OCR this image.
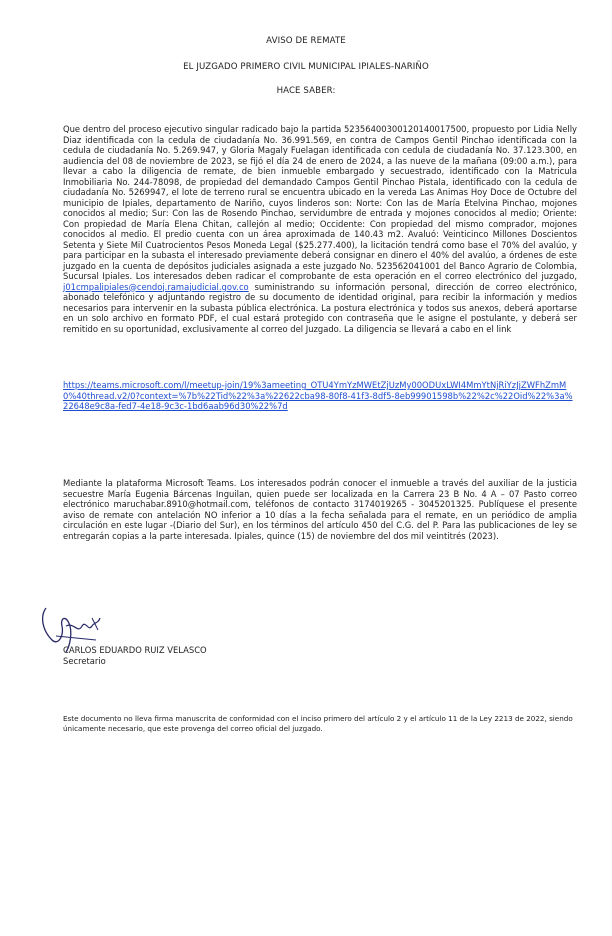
AVISO DE REMATE
EL JUZGADO PRIMERO CIVIL MUNICIPAL IPIALES-NARIÑO
HACE SABER:

Que dentro del proceso ejecutivo singular radicado bajo la partida 52356400300120140017500, propuesto por Lidia Nelly Diaz identificada con la cedula de ciudadanía No. 36.991.569, en contra de Campos Gentil Pinchao identificada con la cedula de ciudadanía No. 5.269.947, y Gloria Magaly Fuelagan identificada con cedula de ciudadanía No. 37.123.300, en audiencia del 08 de noviembre de 2023, se fijó el día 24 de enero de 2024, a las nueve de la mañana (09:00 a.m.), para llevar a cabo la diligencia de remate, de bien inmueble embargado y secuestrado, identificado con la Matricula Inmobiliaria No. 244-78098, de propiedad del demandado Campos Gentil Pinchao Pistala, identificado con la cedula de ciudadanía No. 5269947, el lote de terreno rural se encuentra ubicado en la vereda Las Animas Hoy Doce de Octubre del municipio de Ipiales, departamento de Nariño, cuyos linderos son: Norte: Con las de María Etelvina Pinchao, mojones conocidos al medio; Sur: Con las de Rosendo Pinchao, servidumbre de entrada y mojones conocidos al medio; Oriente: Con propiedad de María Elena Chitan, callejón al medio; Occidente: Con propiedad del mismo comprador, mojones conocidos al medio. El predio cuenta con un área aproximada de 140.43 m2. Avaluó: Veinticinco Millones Doscientos Setenta y Siete Mil Cuatrocientos Pesos Moneda Legal ($25.277.400), la licitación tendrá como base el 70% del avalúo, y para participar en la subasta el interesado previamente deberá consignar en dinero el 40% del avalúo, a órdenes de este juzgado en la cuenta de depósitos judiciales asignada a este juzgado No. 523562041001 del Banco Agrario de Colombia, Sucursal Ipiales. Los interesados deben radicar el comprobante de esta operación en el correo electrónico del juzgado, j01cmpalipiales@cendoj.ramajudicial.gov.co suministrando su información personal, dirección de correo electrónico, abonado telefónico y adjuntando registro de su documento de identidad original, para recibir la información y medios necesarios para intervenir en la subasta pública electrónica. La postura electrónica y todos sus anexos, deberá aportarse en un solo archivo en formato PDF, el cual estará protegido con contraseña que le asigne el postulante, y deberá ser remitido en su oportunidad, exclusivamente al correo del Juzgado. La diligencia se llevará a cabo en el link

https://teams.microsoft.com/l/meetup-join/19%3ameeting_OTU4YmYzMWEtZjUzMy00ODUxLWI4MmYtNjRiYzJjZWFhZmM0%40thread.v2/0?context=%7b%22Tid%22%3a%22622cba98-80f8-41f3-8df5-8eb99901598b%22%2c%22Oid%22%3a%22648e9c8a-fed7-4e18-9c3c-1bd6aab96d30%22%7d

Mediante la plataforma Microsoft Teams. Los interesados podrán conocer el inmueble a través del auxiliar de la justicia secuestre María Eugenia Bárcenas Inguilan, quien puede ser localizada en la Carrera 23 B No. 4 A – 07 Pasto correo electrónico maruchabar.8910@hotmail.com, teléfonos de contacto 3174019265 - 3045201325. Publíquese el presente aviso de remate con antelación NO inferior a 10 días a la fecha señalada para el remate, en un periódico de amplia circulación en este lugar -(Diario del Sur), en los términos del artículo 450 del C.G. del P. Para las publicaciones de ley se entregarán copias a la parte interesada. Ipiales, quince (15) de noviembre del dos mil veintitrés (2023).

CARLOS EDUARDO RUIZ VELASCO
Secretario

Este documento no lleva firma manuscrita de conformidad con el inciso primero del artículo 2 y el artículo 11 de la Ley 2213 de 2022, siendo únicamente necesario, que este provenga del correo oficial del juzgado.
